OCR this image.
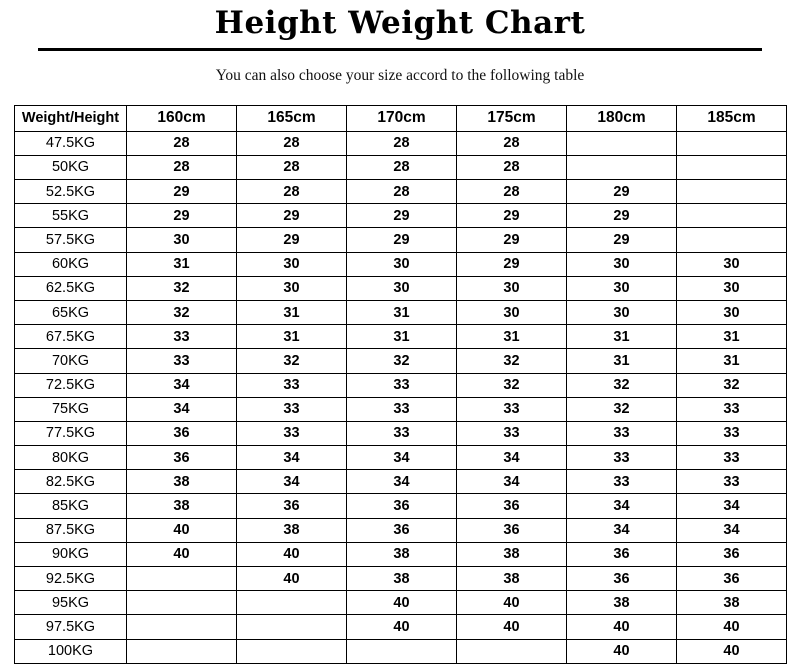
Height Weight Chart
You can also choose your size accord to the following table
Weight/Height	160cm	165cm	170cm	175cm	180cm	185cm
47.5KG	28	28	28	28		
50KG	28	28	28	28		
52.5KG	29	28	28	28	29	
55KG	29	29	29	29	29	
57.5KG	30	29	29	29	29	
60KG	31	30	30	29	30	30
62.5KG	32	30	30	30	30	30
65KG	32	31	31	30	30	30
67.5KG	33	31	31	31	31	31
70KG	33	32	32	32	31	31
72.5KG	34	33	33	32	32	32
75KG	34	33	33	33	32	33
77.5KG	36	33	33	33	33	33
80KG	36	34	34	34	33	33
82.5KG	38	34	34	34	33	33
85KG	38	36	36	36	34	34
87.5KG	40	38	36	36	34	34
90KG	40	40	38	38	36	36
92.5KG		40	38	38	36	36
95KG			40	40	38	38
97.5KG			40	40	40	40
100KG					40	40
